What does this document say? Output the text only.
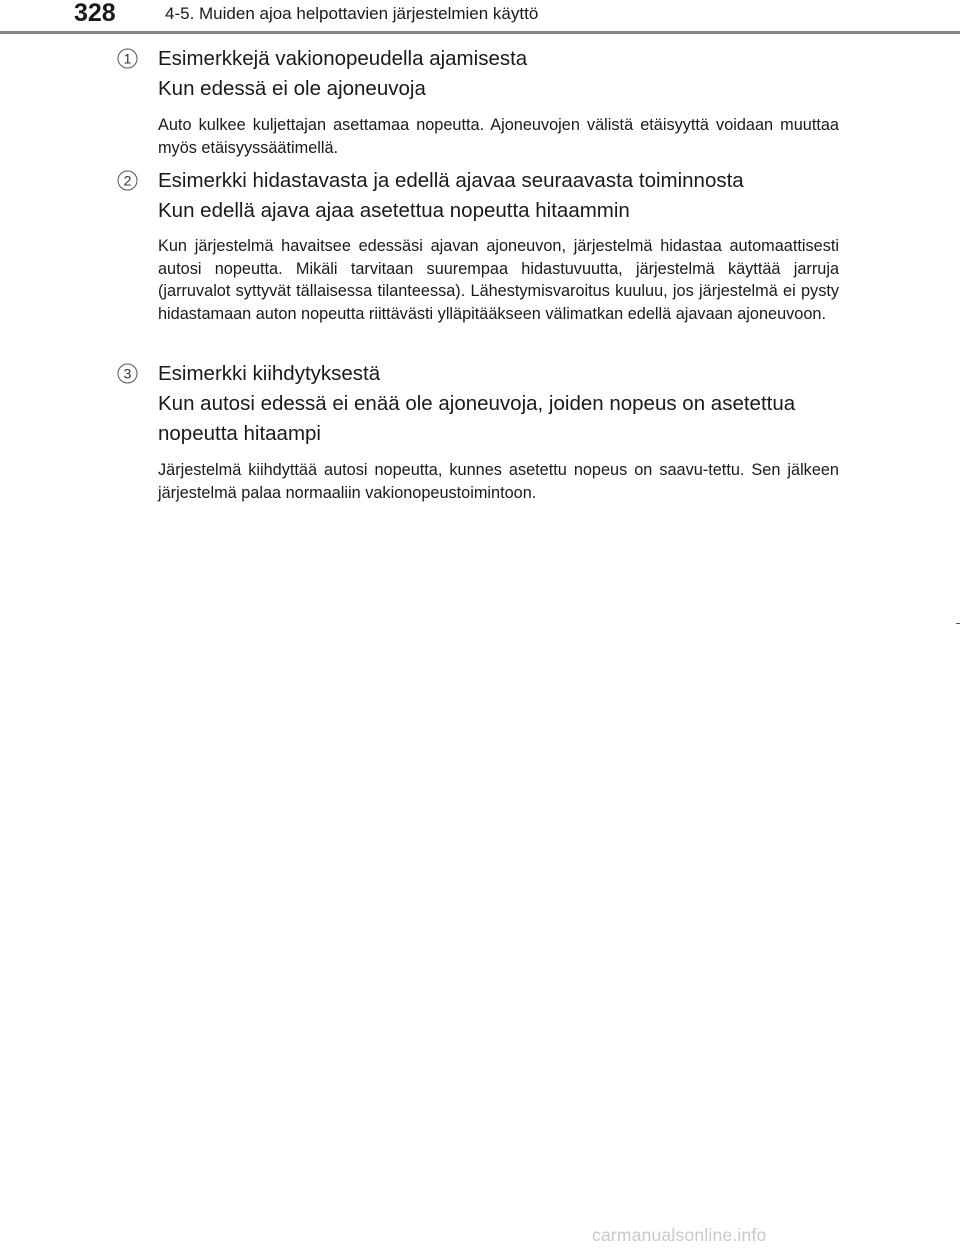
328	4-5. Muiden ajoa helpottavien järjestelmien käyttö
1 Esimerkkejä vakionopeudella ajamisesta
Kun edessä ei ole ajoneuvoja
Auto kulkee kuljettajan asettamaa nopeutta. Ajoneuvojen välistä etäisyyttä voidaan muuttaa myös etäisyyssäätimellä.
2 Esimerkki hidastavasta ja edellä ajavaa seuraavasta toiminnosta
Kun edellä ajava ajaa asetettua nopeutta hitaammin
Kun järjestelmä havaitsee edessäsi ajavan ajoneuvon, järjestelmä hidastaa automaattisesti autosi nopeutta. Mikäli tarvitaan suurempaa hidastuvuutta, järjestelmä käyttää jarruja (jarruvalot syttyvät tällaisessa tilanteessa). Lähestymisvaroitus kuuluu, jos järjestelmä ei pysty hidastamaan auton nopeutta riittävästi ylläpitääkseen välimatkan edellä ajavaan ajoneuvoon.
3 Esimerkki kiihdytyksestä
Kun autosi edessä ei enää ole ajoneuvoja, joiden nopeus on asetettua nopeutta hitaampi
Järjestelmä kiihdyttää autosi nopeutta, kunnes asetettu nopeus on saavu-tettu. Sen jälkeen järjestelmä palaa normaaliin vakionopeustoimintoon.
carmanualsonline.info
